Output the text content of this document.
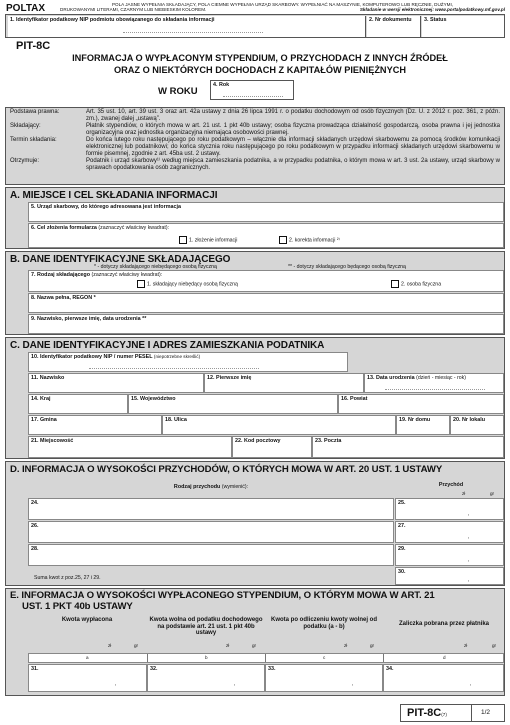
POLTAX	POLA JASNE WYPEŁNIA SKŁADAJĄCY, POLA CIEMNE WYPEŁNIA URZĄD SKARBOWY. WYPEŁNIAĆ NA MASZYNIE, KOMPUTEROWO LUB RĘCZNIE, DUŻYMI,
DRUKOWANYMI LITERAMI, CZARNYM LUB NIEBIESKIM KOLOREM.	Składanie w wersji elektronicznej: www.portalpodatkowy.mf.gov.pl
1. Identyfikator podatkowy NIP podmiotu obowiązanego do składania informacji	2. Nr dokumentu	3. Status
PIT-8C
INFORMACJA O WYPŁACONYM STYPENDIUM, O PRZYCHODACH Z INNYCH ŹRÓDEŁ
ORAZ O NIEKTÓRYCH DOCHODACH Z KAPITAŁÓW PIENIĘŻNYCH
W ROKU
4. Rok
Podstawa prawna:	Art. 35 ust. 10, art. 39 ust. 3 oraz art. 42a ustawy z dnia 26 lipca 1991 r. o podatku dochodowym od osób fizycznych (Dz. U. z 2012 r. poz. 361, z późn. zm.), zwanej dalej „ustawą”.
Składający:	Płatnik stypendiów, o których mowa w art. 21 ust. 1 pkt 40b ustawy; osoba fizyczna prowadząca działalność gospodarczą, osoba prawna i jej jednostka organizacyjna oraz jednostka organizacyjna niemająca osobowości prawnej.
Termin składania:	Do końca lutego roku następującego po roku podatkowym – włącznie dla informacji składanych urzędowi skarbowemu za pomocą środków komunikacji elektronicznej lub podatnikowi; do końca stycznia roku następującego po roku podatkowym w przypadku informacji składanych urzędowi skarbowemu w formie pisemnej, zgodnie z art. 45ba ust. 2 ustawy.
Otrzymuje:	Podatnik i urząd skarbowy¹⁾ według miejsca zamieszkania podatnika, a w przypadku podatnika, o którym mowa w art. 3 ust. 2a ustawy, urząd skarbowy w sprawach opodatkowania osób zagranicznych.
A. MIEJSCE I CEL SKŁADANIA INFORMACJI
5. Urząd skarbowy, do którego adresowana jest informacja
6. Cel złożenia formularza (zaznaczyć właściwy kwadrat):
1. złożenie informacji	2. korekta informacji ²⁾
B. DANE IDENTYFIKACYJNE SKŁADAJĄCEGO
* - dotyczy składającego niebędącego osobą fizyczną	** - dotyczy składającego będącego osobą fizyczną
7. Rodzaj składającego (zaznaczyć właściwy kwadrat):
1. składający niebędący osobą fizyczną	2. osoba fizyczna
8. Nazwa pełna, REGON *
9. Nazwisko, pierwsze imię, data urodzenia **
C. DANE IDENTYFIKACYJNE I ADRES ZAMIESZKANIA PODATNIKA
10. Identyfikator podatkowy NIP / numer PESEL (niepotrzebne skreślić)
11. Nazwisko	12. Pierwsze imię	13. Data urodzenia (dzień - miesiąc - rok)
14. Kraj	15. Województwo	16. Powiat
17. Gmina	18. Ulica	19. Nr domu	20. Nr lokalu
21. Miejscowość	22. Kod pocztowy	23. Poczta
D. INFORMACJA O WYSOKOŚCI PRZYCHODÓW, O KTÓRYCH MOWA W ART. 20 UST. 1 USTAWY
Rodzaj przychodu (wymienić):	Przychód
zł	gr
24.	25.
,
26.	27.
,
28.	29.
,
Suma kwot z poz.25, 27 i 29.
30.
,
E. INFORMACJA O WYSOKOŚCI WYPŁACONEGO STYPENDIUM, O KTÓRYM MOWA W ART. 21
UST. 1 PKT 40b USTAWY
Kwota wypłacona	Kwota wolna od podatku dochodowego na podstawie art. 21 ust. 1 pkt 40b ustawy
Kwota po odliczeniu kwoty wolnej od podatku (a - b)	Zaliczka pobrana przez płatnika
zł	gr	zł	gr	zł	gr	zł	gr
a	b	c	d
31.
,
32.
,
33.
,
34.
,
PIT-8C(7)	1/2
